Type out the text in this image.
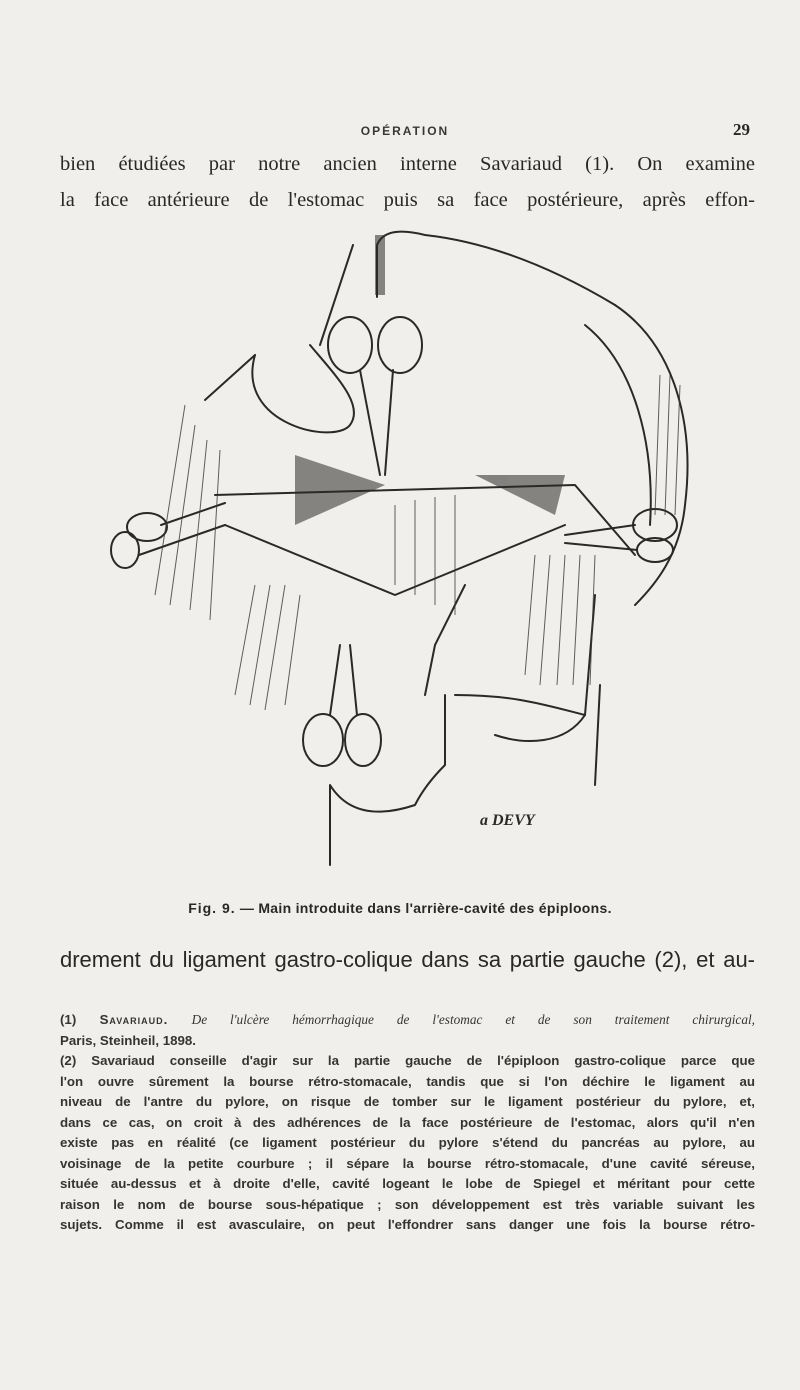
OPÉRATION	29
bien étudiées par notre ancien interne Savariaud (1). On examine
la face antérieure de l'estomac puis sa face postérieure, après effon-
a DEVY
Fig. 9. — Main introduite dans l'arrière-cavité des épiploons.
drement du ligament gastro-colique dans sa partie gauche (2), et au-
(1) Savariaud. De l'ulcère hémorrhagique de l'estomac et de son traitement chirurgical,
Paris, Steinheil, 1898.
(2) Savariaud conseille d'agir sur la partie gauche de l'épiploon gastro-colique parce que
l'on ouvre sûrement la bourse rétro-stomacale, tandis que si l'on déchire le ligament au
niveau de l'antre du pylore, on risque de tomber sur le ligament postérieur du pylore, et,
dans ce cas, on croit à des adhérences de la face postérieure de l'estomac, alors qu'il n'en
existe pas en réalité (ce ligament postérieur du pylore s'étend du pancréas au pylore, au
voisinage de la petite courbure ; il sépare la bourse rétro-stomacale, d'une cavité séreuse,
située au-dessus et à droite d'elle, cavité logeant le lobe de Spiegel et méritant pour cette
raison le nom de bourse sous-hépatique ; son développement est très variable suivant les
sujets. Comme il est avasculaire, on peut l'effondrer sans danger une fois la bourse rétro-
